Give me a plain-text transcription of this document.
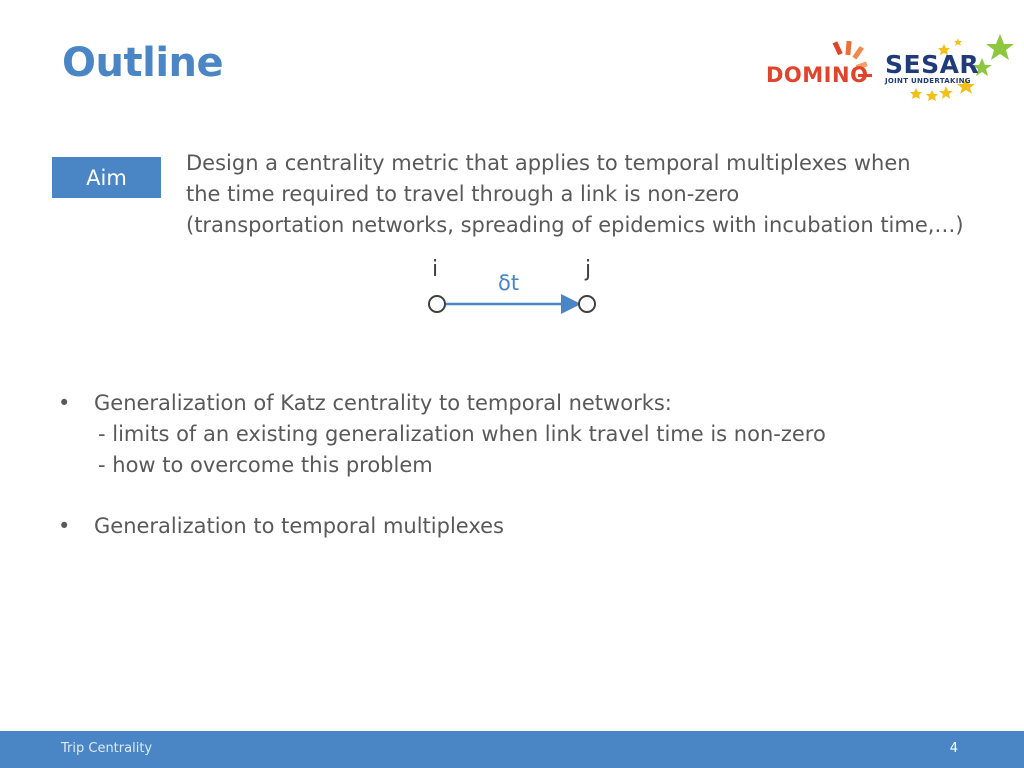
Outline	DOMINO SESAR
JOINT UNDERTAKING
Aim
Design a centrality metric that applies to temporal multiplexes when
the time required to travel through a link is non-zero
(transportation networks, spreading of epidemics with incubation time,…)
i	j
δt
•	Generalization of Katz centrality to temporal networks:
- limits of an existing generalization when link travel time is non-zero
- how to overcome this problem
•	Generalization to temporal multiplexes
Trip Centrality	4
